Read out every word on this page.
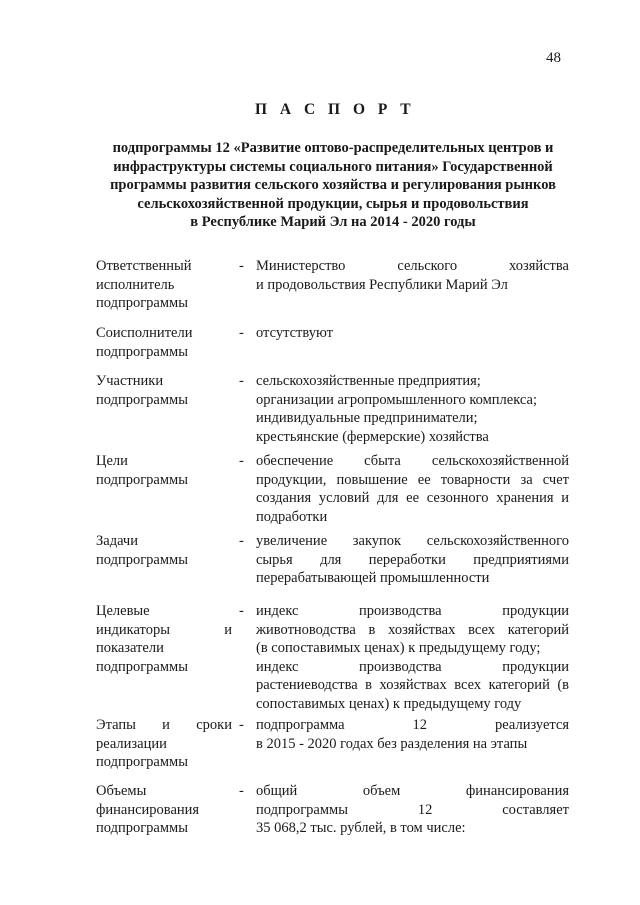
48
П А С П О Р Т
подпрограммы 12 «Развитие оптово-распределительных центров и
инфраструктуры системы социального питания» Государственной
программы развития сельского хозяйства и регулирования рынков
сельскохозяйственной продукции, сырья и продовольствия
в Республике Марий Эл на 2014 - 2020 годы
Ответственный
исполнитель
подпрограммы
- Министерство сельского хозяйства
и продовольствия Республики Марий Эл
Соисполнители
подпрограммы
- отсутствуют
Участники
подпрограммы
- сельскохозяйственные предприятия;
организации агропромышленного комплекса;
индивидуальные предприниматели;
крестьянские (фермерские) хозяйства
Цели
подпрограммы
- обеспечение сбыта сельскохозяйственной
продукции, повышение ее товарности за счет
создания условий для ее сезонного хранения и
подработки
Задачи
подпрограммы
- увеличение закупок сельскохозяйственного
сырья для переработки предприятиями
перерабатывающей промышленности
Целевые
индикаторы и
показатели
подпрограммы
- индекс производства продукции
животноводства в хозяйствах всех категорий
(в сопоставимых ценах) к предыдущему году;
индекс производства продукции
растениеводства в хозяйствах всех категорий (в
сопоставимых ценах) к предыдущему году
Этапы и сроки
реализации
подпрограммы
- подпрограмма 12 реализуется
в 2015 - 2020 годах без разделения на этапы
Объемы
финансирования
подпрограммы
- общий объем финансирования
подпрограммы 12 составляет
35 068,2 тыс. рублей, в том числе:
